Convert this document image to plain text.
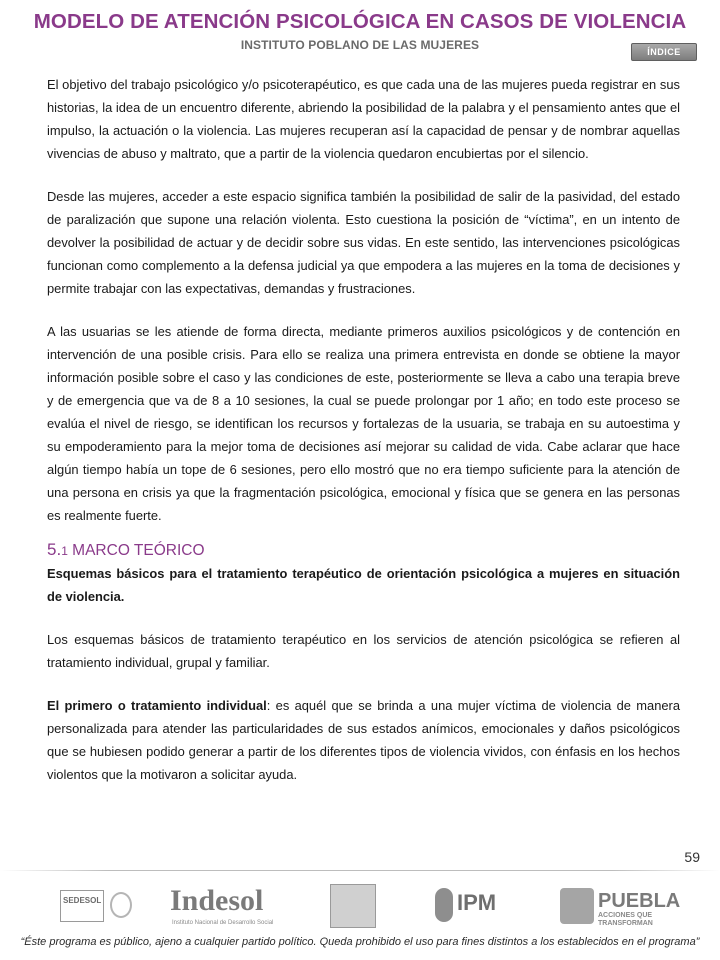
MODELO DE ATENCIÓN PSICOLÓGICA EN CASOS DE VIOLENCIA
INSTITUTO POBLANO DE LAS MUJERES	ÍNDICE

El objetivo del trabajo psicológico y/o psicoterapéutico, es que cada una de las mujeres pueda registrar en sus historias, la idea de un encuentro diferente, abriendo la posibilidad de la palabra y el pensamiento antes que el impulso, la actuación o la violencia. Las mujeres recuperan así la capacidad de pensar y de nombrar aquellas vivencias de abuso y maltrato, que a partir de la violencia quedaron encubiertas por el silencio.

Desde las mujeres, acceder a este espacio significa también la posibilidad de salir de la pasividad, del estado de paralización que supone una relación violenta. Esto cuestiona la posición de “víctima”, en un intento de devolver la posibilidad de actuar y de decidir sobre sus vidas. En este sentido, las intervenciones psicológicas funcionan como complemento a la defensa judicial ya que empodera a las mujeres en la toma de decisiones y permite trabajar con las expectativas, demandas y frustraciones.

A las usuarias se les atiende de forma directa, mediante primeros auxilios psicológicos y de contención en intervención de una posible crisis. Para ello se realiza una primera entrevista en donde se obtiene la mayor información posible sobre el caso y las condiciones de este, posteriormente se lleva a cabo una terapia breve y de emergencia que va de 8 a 10 sesiones, la cual se puede prolongar por 1 año; en todo este proceso se evalúa el nivel de riesgo, se identifican los recursos y fortalezas de la usuaria, se trabaja en su autoestima y su empoderamiento para la mejor toma de decisiones así mejorar su calidad de vida. Cabe aclarar que hace algún tiempo había un tope de 6 sesiones, pero ello mostró que no era tiempo suficiente para la atención de una persona en crisis ya que la fragmentación psicológica, emocional y física que se genera en las personas es realmente fuerte.

5.1 MARCO TEÓRICO

Esquemas básicos para el tratamiento terapéutico de orientación psicológica a mujeres en situación de violencia.

Los esquemas básicos de tratamiento terapéutico en los servicios de atención psicológica se refieren al tratamiento individual, grupal y familiar.

El primero o tratamiento individual: es aquél que se brinda a una mujer víctima de violencia de manera personalizada para atender las particularidades de sus estados anímicos, emocionales y daños psicológicos que se hubiesen podido generar a partir de los diferentes tipos de violencia vividos, con énfasis en los hechos violentos que la motivaron a solicitar ayuda.

59
SEDESOL Indesol
Instituto Nacional de Desarrollo Social
IPM	PUEBLA
ACCIONES QUE
TRANSFORMAN
“Éste programa es público, ajeno a cualquier partido político. Queda prohibido el uso para fines distintos a los establecidos en el programa”
